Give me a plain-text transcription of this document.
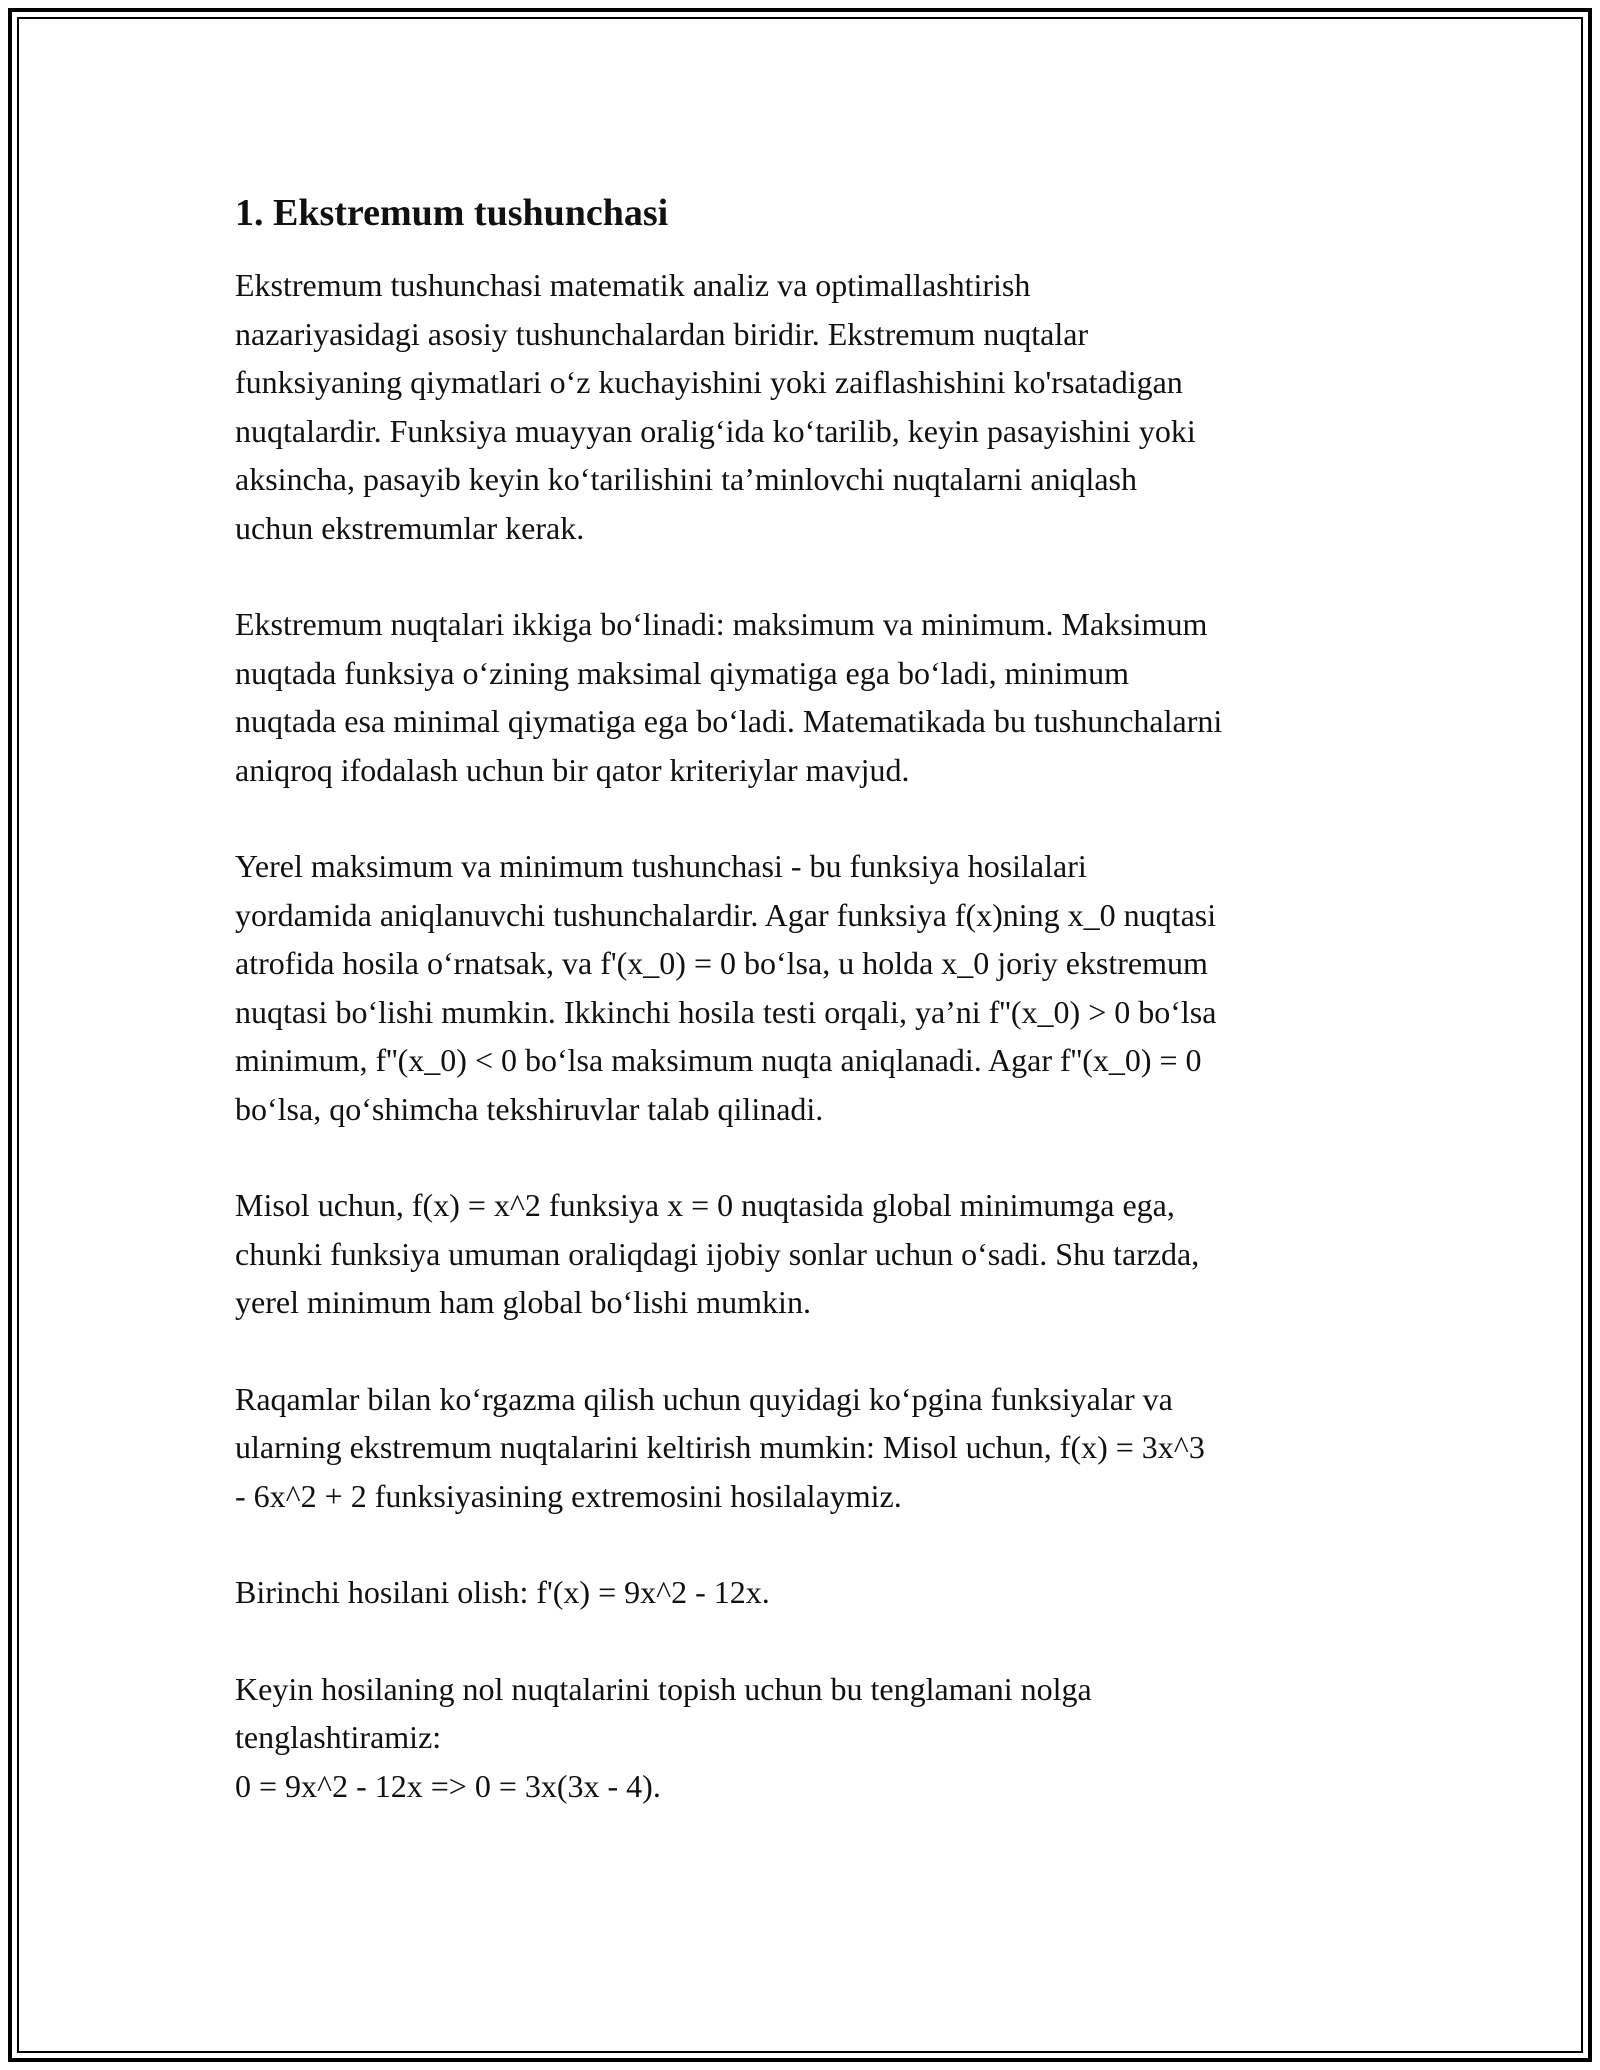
1. Ekstremum tushunchasi

Ekstremum tushunchasi matematik analiz va optimallashtirish
nazariyasidagi asosiy tushunchalardan biridir. Ekstremum nuqtalar
funksiyaning qiymatlari o‘z kuchayishini yoki zaiflashishini ko'rsatadigan
nuqtalardir. Funksiya muayyan oralig‘ida ko‘tarilib, keyin pasayishini yoki
aksincha, pasayib keyin ko‘tarilishini ta’minlovchi nuqtalarni aniqlash
uchun ekstremumlar kerak.

Ekstremum nuqtalari ikkiga bo‘linadi: maksimum va minimum. Maksimum
nuqtada funksiya o‘zining maksimal qiymatiga ega bo‘ladi, minimum
nuqtada esa minimal qiymatiga ega bo‘ladi. Matematikada bu tushunchalarni
aniqroq ifodalash uchun bir qator kriteriylar mavjud.

Yerel maksimum va minimum tushunchasi - bu funksiya hosilalari
yordamida aniqlanuvchi tushunchalardir. Agar funksiya f(x)ning x_0 nuqtasi
atrofida hosila o‘rnatsak, va f'(x_0) = 0 bo‘lsa, u holda x_0 joriy ekstremum
nuqtasi bo‘lishi mumkin. Ikkinchi hosila testi orqali, ya’ni f''(x_0) > 0 bo‘lsa
minimum, f''(x_0) < 0 bo‘lsa maksimum nuqta aniqlanadi. Agar f''(x_0) = 0
bo‘lsa, qo‘shimcha tekshiruvlar talab qilinadi.

Misol uchun, f(x) = x^2 funksiya x = 0 nuqtasida global minimumga ega,
chunki funksiya umuman oraliqdagi ijobiy sonlar uchun o‘sadi. Shu tarzda,
yerel minimum ham global bo‘lishi mumkin.

Raqamlar bilan ko‘rgazma qilish uchun quyidagi ko‘pgina funksiyalar va
ularning ekstremum nuqtalarini keltirish mumkin: Misol uchun, f(x) = 3x^3
- 6x^2 + 2 funksiyasining extremosini hosilalaymiz.

Birinchi hosilani olish: f'(x) = 9x^2 - 12x.

Keyin hosilaning nol nuqtalarini topish uchun bu tenglamani nolga
tenglashtiramiz:
0 = 9x^2 - 12x => 0 = 3x(3x - 4).
